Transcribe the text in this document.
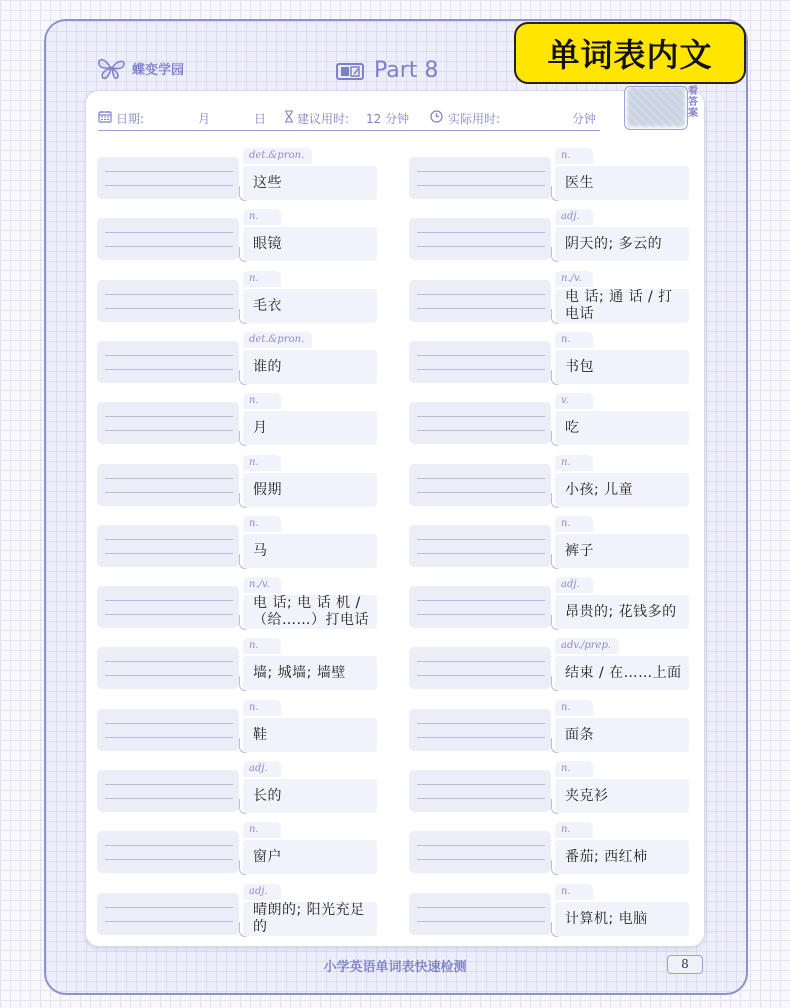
蝶变学园	Part 8	单词表内文
日期:	月	日	建议用时: 12 分钟	实际用时:	分钟
看答案
det.&pron.
这些
n.
眼镜
n.
毛衣
det.&pron.
谁的
n.
月
n.
假期
n.
马
n./v.
电 话; 电 话 机 /（给……）打电话
n.
墙; 城墙; 墙壁
n.
鞋
adj.
长的
n.
窗户
adj.
晴朗的; 阳光充足的
n.
医生
adj.
阴天的; 多云的
n./v.
电 话; 通 话 / 打电话
n.
书包
v.
吃
n.
小孩; 儿童
n.
裤子
adj.
昂贵的; 花钱多的
adv./prep.
结束 / 在……上面
n.
面条
n.
夹克衫
n.
番茄; 西红柿
n.
计算机; 电脑
小学英语单词表快速检测	8
